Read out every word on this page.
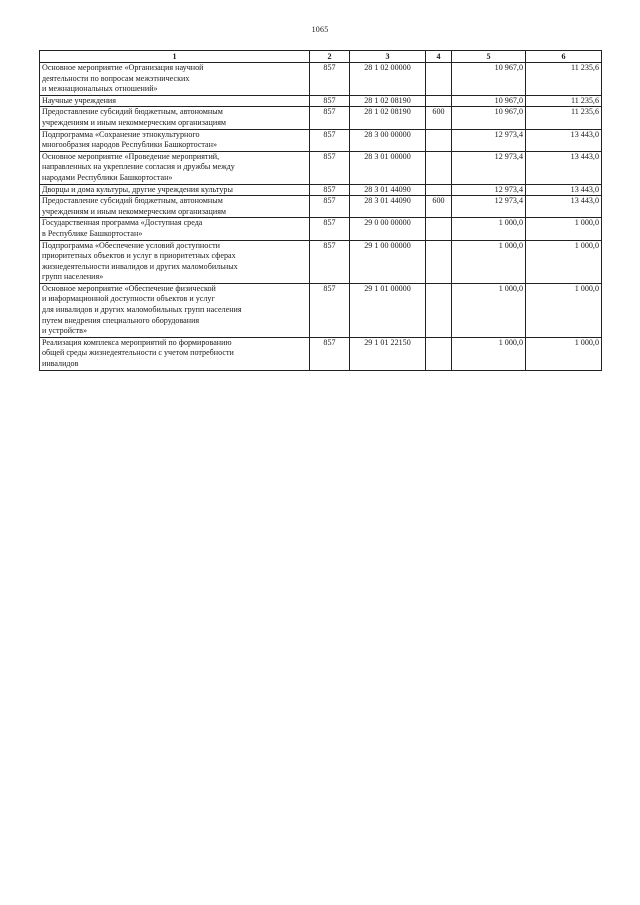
1065
1	2	3	4	5	6

Основное мероприятие «Организация научной
деятельности по вопросам межэтнических
и межнациональных отношений»	857	28 1 02 00000		10 967,0	11 235,6

Научные учреждения	857	28 1 02 08190		10 967,0	11 235,6

Предоставление субсидий бюджетным, автономным
учреждениям и иным некоммерческим организациям	857	28 1 02 08190	600	10 967,0	11 235,6

Подпрограмма «Сохранение этнокультурного
многообразия народов Республики Башкортостан»	857	28 3 00 00000		12 973,4	13 443,0

Основное мероприятие «Проведение мероприятий,
направленных на укрепление согласия и дружбы между
народами Республики Башкортостан»	857	28 3 01 00000		12 973,4	13 443,0

Дворцы и дома культуры, другие учреждения культуры	857	28 3 01 44090		12 973,4	13 443,0

Предоставление субсидий бюджетным, автономным
учреждениям и иным некоммерческим организациям	857	28 3 01 44090	600	12 973,4	13 443,0

Государственная программа «Доступная среда
в Республике Башкортостан»	857	29 0 00 00000		1 000,0	1 000,0

Подпрограмма «Обеспечение условий доступности
приоритетных объектов и услуг в приоритетных сферах
жизнедеятельности инвалидов и других маломобильных
групп населения»	857	29 1 00 00000		1 000,0	1 000,0

Основное мероприятие «Обеспечение физической
и информационной доступности объектов и услуг
для инвалидов и других маломобильных групп населения
путем внедрения специального оборудования
и устройств»	857	29 1 01 00000		1 000,0	1 000,0

Реализация комплекса мероприятий по формированию
общей среды жизнедеятельности с учетом потребности
инвалидов	857	29 1 01 22150		1 000,0	1 000,0
